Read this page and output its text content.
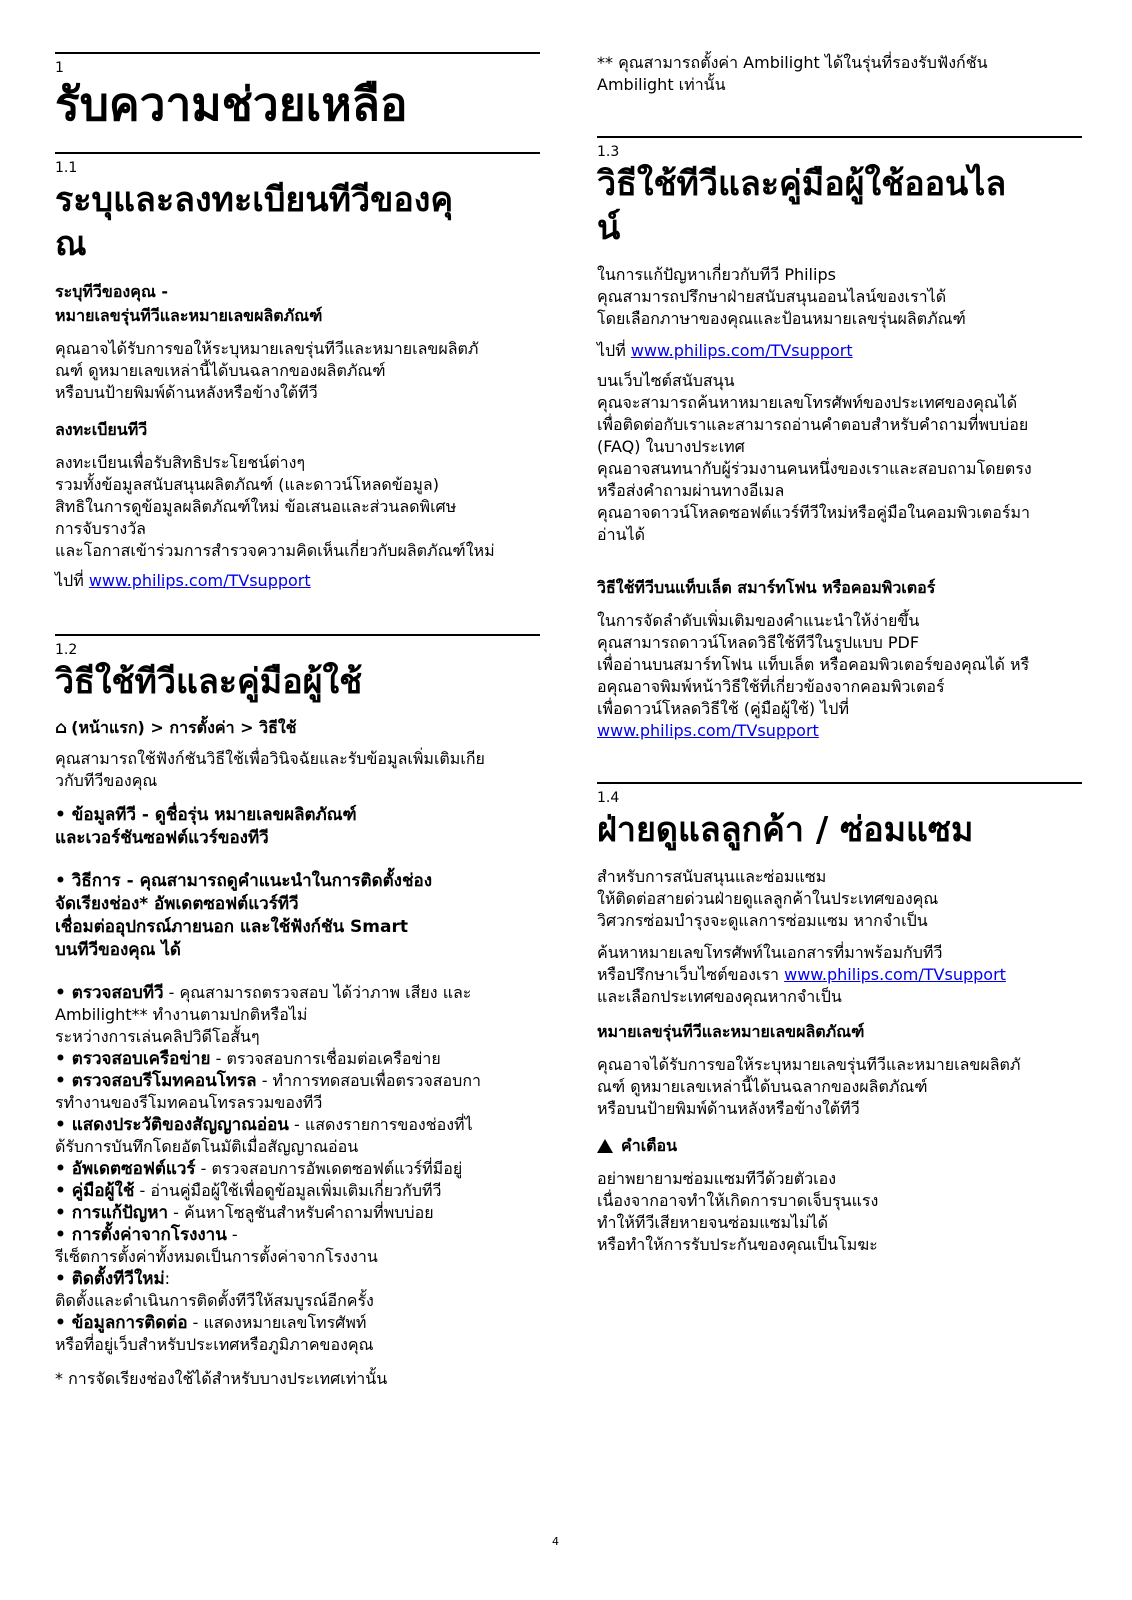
1
รับความช่วยเหลือ
1.1
ระบุและลงทะเบียนทีวีของคุ
ณ

ระบุทีวีของคุณ -
หมายเลขรุ่นทีวีและหมายเลขผลิตภัณฑ์

คุณอาจได้รับการขอให้ระบุหมายเลขรุ่นทีวีและหมายเลขผลิตภั
ณฑ์ ดูหมายเลขเหล่านี้ได้บนฉลากของผลิตภัณฑ์
หรือบนป้ายพิมพ์ด้านหลังหรือข้างใต้ทีวี

ลงทะเบียนทีวี

ลงทะเบียนเพื่อรับสิทธิประโยชน์ต่างๆ
รวมทั้งข้อมูลสนับสนุนผลิตภัณฑ์ (และดาวน์โหลดข้อมูล)
สิทธิในการดูข้อมูลผลิตภัณฑ์ใหม่ ข้อเสนอและส่วนลดพิเศษ
การจับรางวัล
และโอกาสเข้าร่วมการสำรวจความคิดเห็นเกี่ยวกับผลิตภัณฑ์ใหม่
ไปที่ www.philips.com/TVsupport
1.2
วิธีใช้ทีวีและคู่มือผู้ใช้

⌂ (หน้าแรก) > การตั้งค่า > วิธีใช้

คุณสามารถใช้ฟังก์ชันวิธีใช้เพื่อวินิจฉัยและรับข้อมูลเพิ่มเติมเกีย
วกับทีวีของคุณ
• ข้อมูลทีวี - ดูชื่อรุ่น หมายเลขผลิตภัณฑ์
และเวอร์ชันซอฟต์แวร์ของทีวี
• วิธีการ - คุณสามารถดูคำแนะนำในการติดตั้งช่อง
จัดเรียงช่อง* อัพเดตซอฟต์แวร์ทีวี
เชื่อมต่ออุปกรณ์ภายนอก และใช้ฟังก์ชัน Smart
บนทีวีของคุณ ได้
• ตรวจสอบทีวี - คุณสามารถตรวจสอบ ได้ว่าภาพ เสียง และ
Ambilight** ทำงานตามปกติหรือไม่
ระหว่างการเล่นคลิปวิดีโอสั้นๆ
• ตรวจสอบเครือข่าย - ตรวจสอบการเชื่อมต่อเครือข่าย
• ตรวจสอบรีโมทคอนโทรล - ทำการทดสอบเพื่อตรวจสอบกา
รทำงานของรีโมทคอนโทรลรวมของทีวี
• แสดงประวัติของสัญญาณอ่อน - แสดงรายการของช่องที่ไ
ด้รับการบันทึกโดยอัตโนมัติเมื่อสัญญาณอ่อน
• อัพเดตซอฟต์แวร์ - ตรวจสอบการอัพเดตซอฟต์แวร์ที่มีอยู่
• คู่มือผู้ใช้ - อ่านคู่มือผู้ใช้เพื่อดูข้อมูลเพิ่มเติมเกี่ยวกับทีวี
• การแก้ปัญหา - ค้นหาโซลูชันสำหรับคำถามที่พบบ่อย
• การตั้งค่าจากโรงงาน -
รีเซ็ตการตั้งค่าทั้งหมดเป็นการตั้งค่าจากโรงงาน
• ติดตั้งทีวีใหม่:
ติดตั้งและดำเนินการติดตั้งทีวีให้สมบูรณ์อีกครั้ง
• ข้อมูลการติดต่อ - แสดงหมายเลขโทรศัพท์
หรือที่อยู่เว็บสำหรับประเทศหรือภูมิภาคของคุณ
* การจัดเรียงช่องใช้ได้สำหรับบางประเทศเท่านั้น
** คุณสามารถตั้งค่า Ambilight ได้ในรุ่นที่รองรับฟังก์ชัน
Ambilight เท่านั้น
1.3
วิธีใช้ทีวีและคู่มือผู้ใช้ออนไล
น์
ในการแก้ปัญหาเกี่ยวกับทีวี Philips
คุณสามารถปรึกษาฝ่ายสนับสนุนออนไลน์ของเราได้
โดยเลือกภาษาของคุณและป้อนหมายเลขรุ่นผลิตภัณฑ์
ไปที่ www.philips.com/TVsupport
บนเว็บไซต์สนับสนุน
คุณจะสามารถค้นหาหมายเลขโทรศัพท์ของประเทศของคุณได้
เพื่อติดต่อกับเราและสามารถอ่านคำตอบสำหรับคำถามที่พบบ่อย
(FAQ) ในบางประเทศ
คุณอาจสนทนากับผู้ร่วมงานคนหนึ่งของเราและสอบถามโดยตรง
หรือส่งคำถามผ่านทางอีเมล
คุณอาจดาวน์โหลดซอฟต์แวร์ทีวีใหม่หรือคู่มือในคอมพิวเตอร์มา
อ่านได้

วิธีใช้ทีวีบนแท็บเล็ต สมาร์ทโฟน หรือคอมพิวเตอร์

ในการจัดลำดับเพิ่มเติมของคำแนะนำให้ง่ายขึ้น
คุณสามารถดาวน์โหลดวิธีใช้ทีวีในรูปแบบ PDF
เพื่ออ่านบนสมาร์ทโฟน แท็บเล็ต หรือคอมพิวเตอร์ของคุณได้ หรื
อคุณอาจพิมพ์หน้าวิธีใช้ที่เกี่ยวข้องจากคอมพิวเตอร์
เพื่อดาวน์โหลดวิธีใช้ (คู่มือผู้ใช้) ไปที่
www.philips.com/TVsupport
1.4
ฝ่ายดูแลลูกค้า / ซ่อมแซม
สำหรับการสนับสนุนและซ่อมแซม
ให้ติดต่อสายด่วนฝ่ายดูแลลูกค้าในประเทศของคุณ
วิศวกรซ่อมบำรุงจะดูแลการซ่อมแซม หากจำเป็น
ค้นหาหมายเลขโทรศัพท์ในเอกสารที่มาพร้อมกับทีวี
หรือปรึกษาเว็บไซต์ของเรา www.philips.com/TVsupport
และเลือกประเทศของคุณหากจำเป็น

หมายเลขรุ่นทีวีและหมายเลขผลิตภัณฑ์

คุณอาจได้รับการขอให้ระบุหมายเลขรุ่นทีวีและหมายเลขผลิตภั
ณฑ์ ดูหมายเลขเหล่านี้ได้บนฉลากของผลิตภัณฑ์
หรือบนป้ายพิมพ์ด้านหลังหรือข้างใต้ทีวี

คำเตือน

อย่าพยายามซ่อมแซมทีวีด้วยตัวเอง
เนื่องจากอาจทำให้เกิดการบาดเจ็บรุนแรง
ทำให้ทีวีเสียหายจนซ่อมแซมไม่ได้
หรือทำให้การรับประกันของคุณเป็นโมฆะ
4
